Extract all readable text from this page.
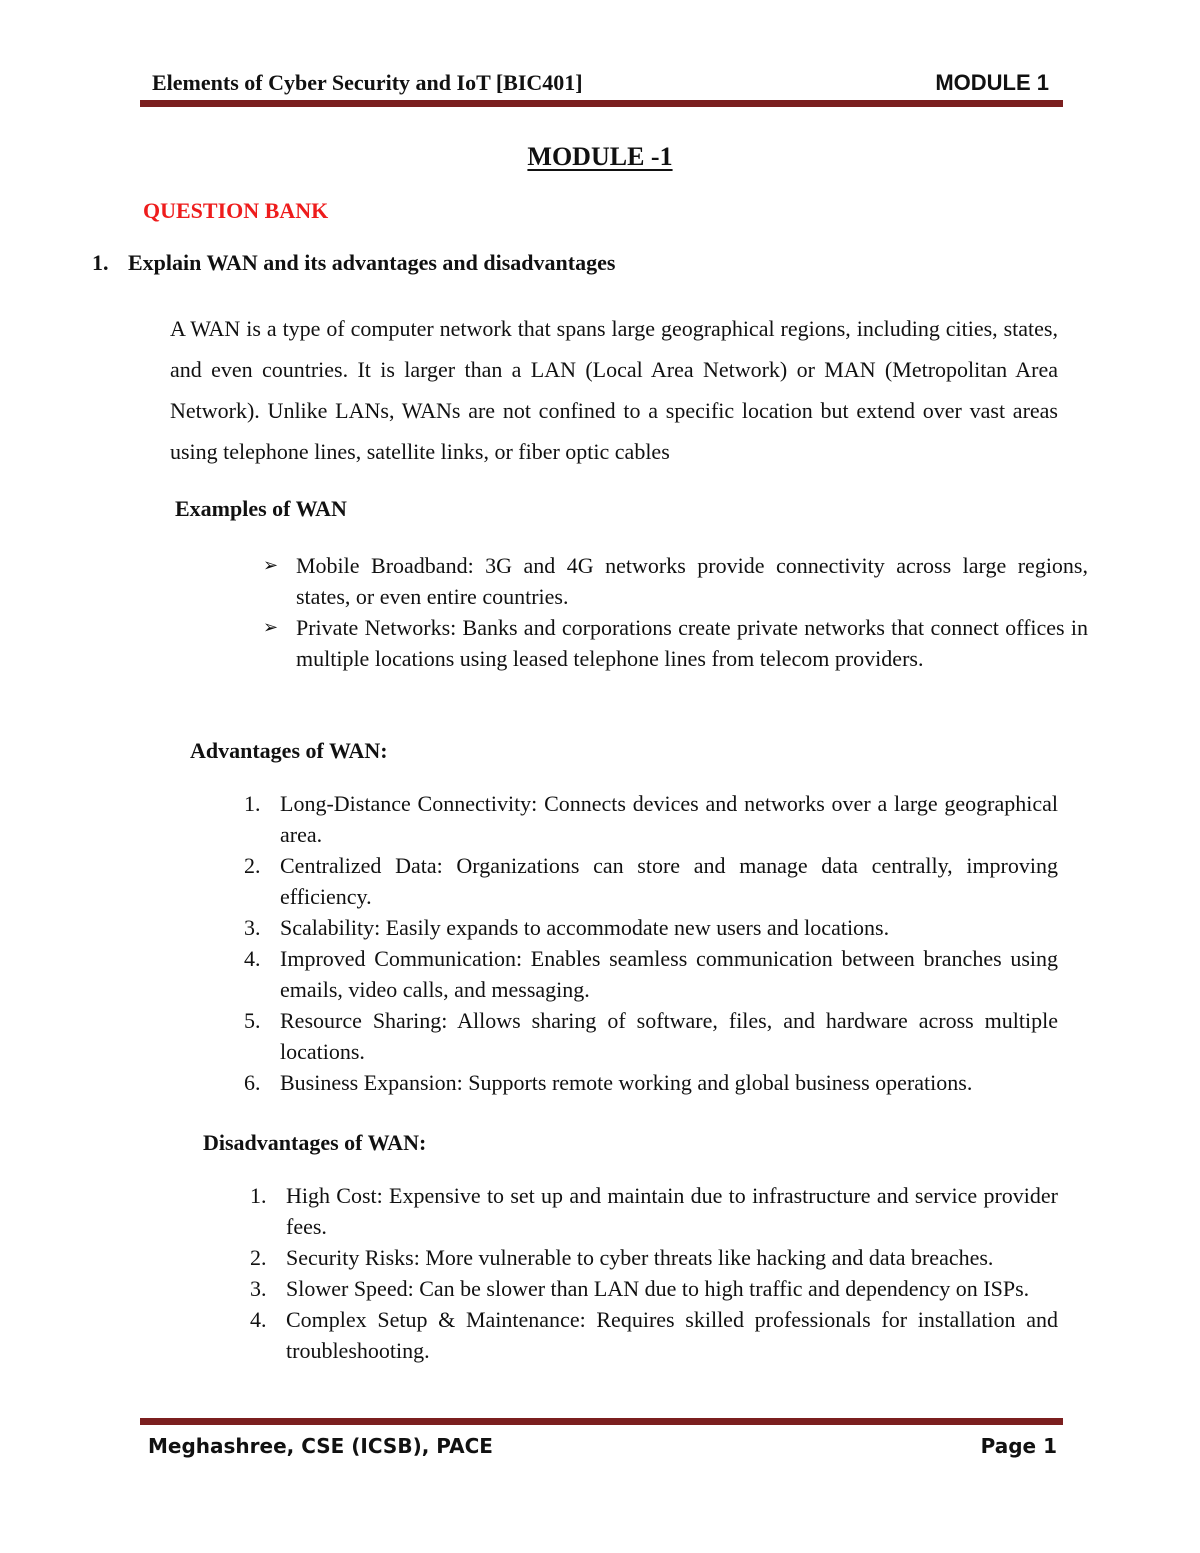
Elements of Cyber Security and IoT [BIC401]	MODULE 1
MODULE -1
QUESTION BANK
1. Explain WAN and its advantages and disadvantages

A WAN is a type of computer network that spans large geographical regions, including cities, states, and even countries. It is larger than a LAN (Local Area Network) or MAN (Metropolitan Area Network). Unlike LANs, WANs are not confined to a specific location but extend over vast areas using telephone lines, satellite links, or fiber optic cables

Examples of WAN
➢ Mobile Broadband: 3G and 4G networks provide connectivity across large regions, states, or even entire countries.
➢ Private Networks: Banks and corporations create private networks that connect offices in multiple locations using leased telephone lines from telecom providers.
Advantages of WAN:
1. Long-Distance Connectivity: Connects devices and networks over a large geographical area.
2. Centralized Data: Organizations can store and manage data centrally, improving efficiency.
3. Scalability: Easily expands to accommodate new users and locations.
4. Improved Communication: Enables seamless communication between branches using emails, video calls, and messaging.
5. Resource Sharing: Allows sharing of software, files, and hardware across multiple locations.
6. Business Expansion: Supports remote working and global business operations.
Disadvantages of WAN:
1. High Cost: Expensive to set up and maintain due to infrastructure and service provider fees.
2. Security Risks: More vulnerable to cyber threats like hacking and data breaches.
3. Slower Speed: Can be slower than LAN due to high traffic and dependency on ISPs.
4. Complex Setup & Maintenance: Requires skilled professionals for installation and troubleshooting.
Meghashree, CSE (ICSB), PACE	Page 1
